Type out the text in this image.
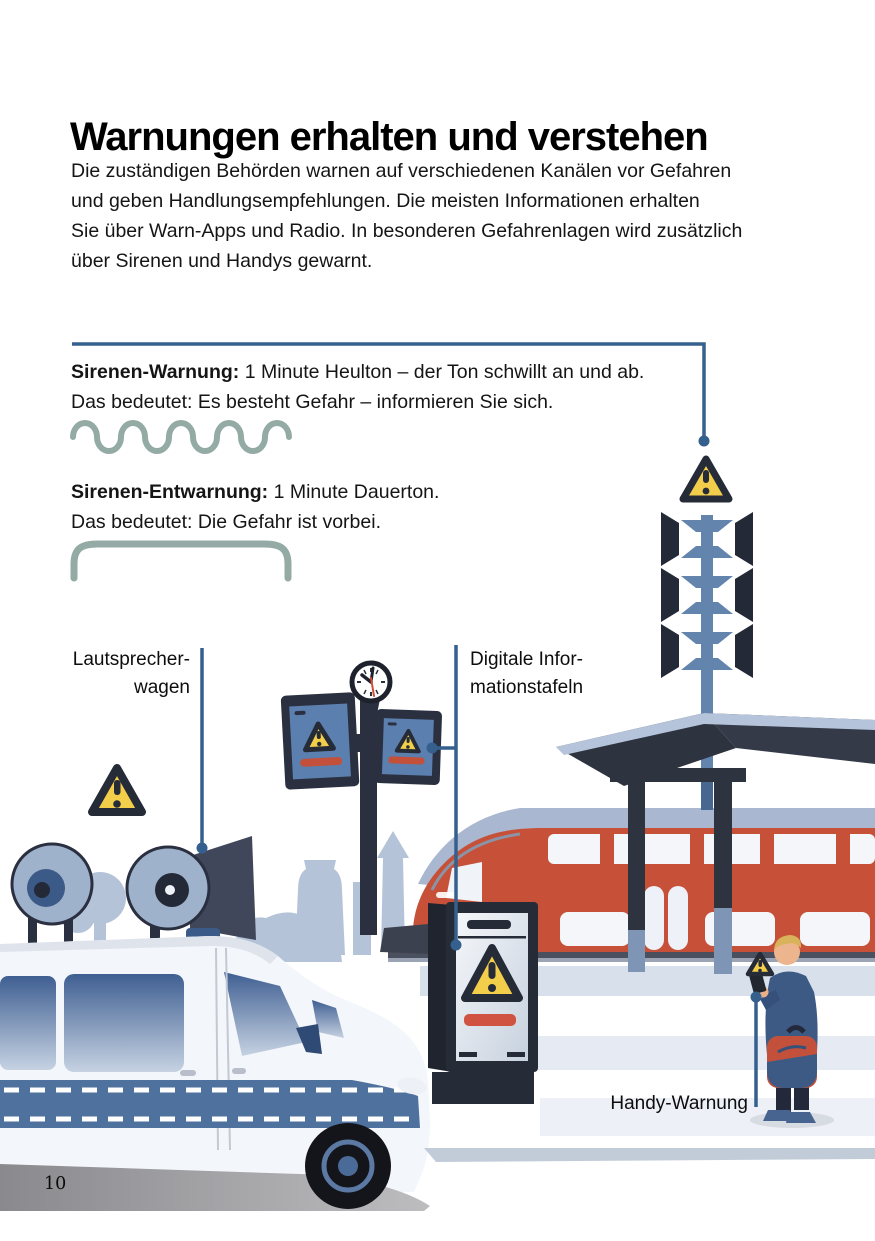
Warnungen erhalten und verstehen
Die zuständigen Behörden warnen auf verschiedenen Kanälen vor Gefahren
und geben Handlungsempfehlungen. Die meisten Informationen erhalten
Sie über Warn-Apps und Radio. In besonderen Gefahrenlagen wird zusätzlich
über Sirenen und Handys gewarnt.
Sirenen-Warnung: 1 Minute Heulton – der Ton schwillt an und ab.
Das bedeutet: Es besteht Gefahr – informieren Sie sich.
Sirenen-Entwarnung: 1 Minute Dauerton.
Das bedeutet: Die Gefahr ist vorbei.
Lautsprecher-
wagen
Digitale Infor-
mationstafeln
Handy-Warnung
10
